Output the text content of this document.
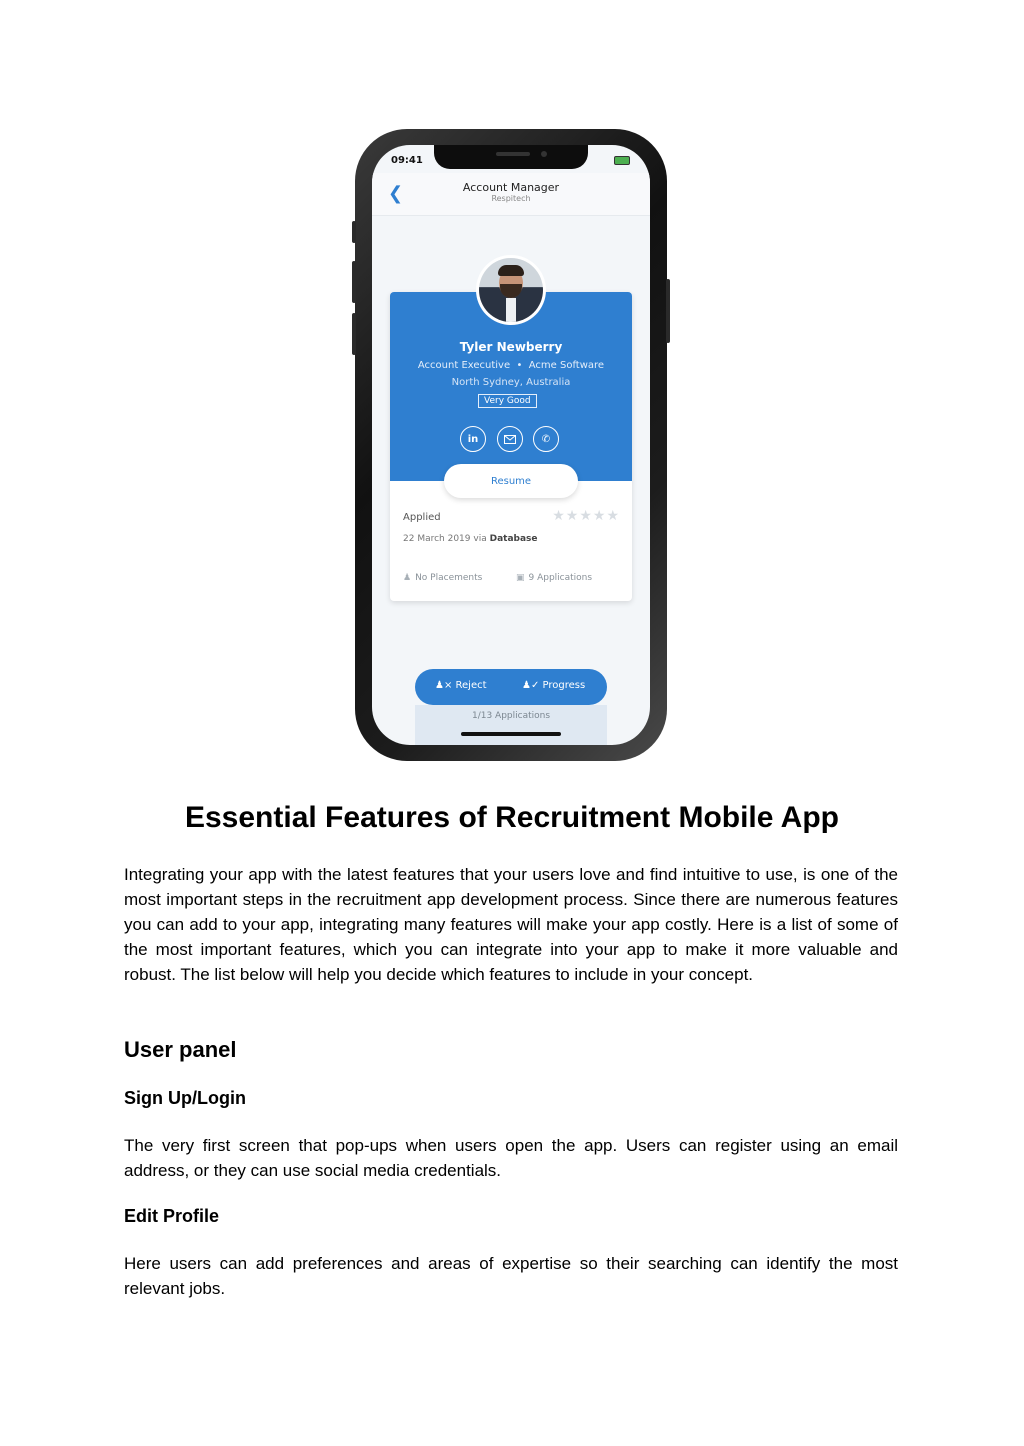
09:41
❮	Account Manager
Respitech
Tyler Newberry
Account Executive • Acme Software
North Sydney, Australia
Very Good
in	✆
Resume
Applied	★★★★★
22 March 2019 via Database
♟ No Placements	▣ 9 Applications
1/13 Applications
♟× Reject	♟✓ Progress
Essential Features of Recruitment Mobile App

Integrating your app with the latest features that your users love and find intuitive to use, is one of the most important steps in the recruitment app development process. Since there are numerous features you can add to your app, integrating many features will make your app costly. Here is a list of some of the most important features, which you can integrate into your app to make it more valuable and robust. The list below will help you decide which features to include in your concept.

User panel
Sign Up/Login

The very first screen that pop-ups when users open the app. Users can register using an email address, or they can use social media credentials.

Edit Profile

Here users can add preferences and areas of expertise so their searching can identify the most relevant jobs.
